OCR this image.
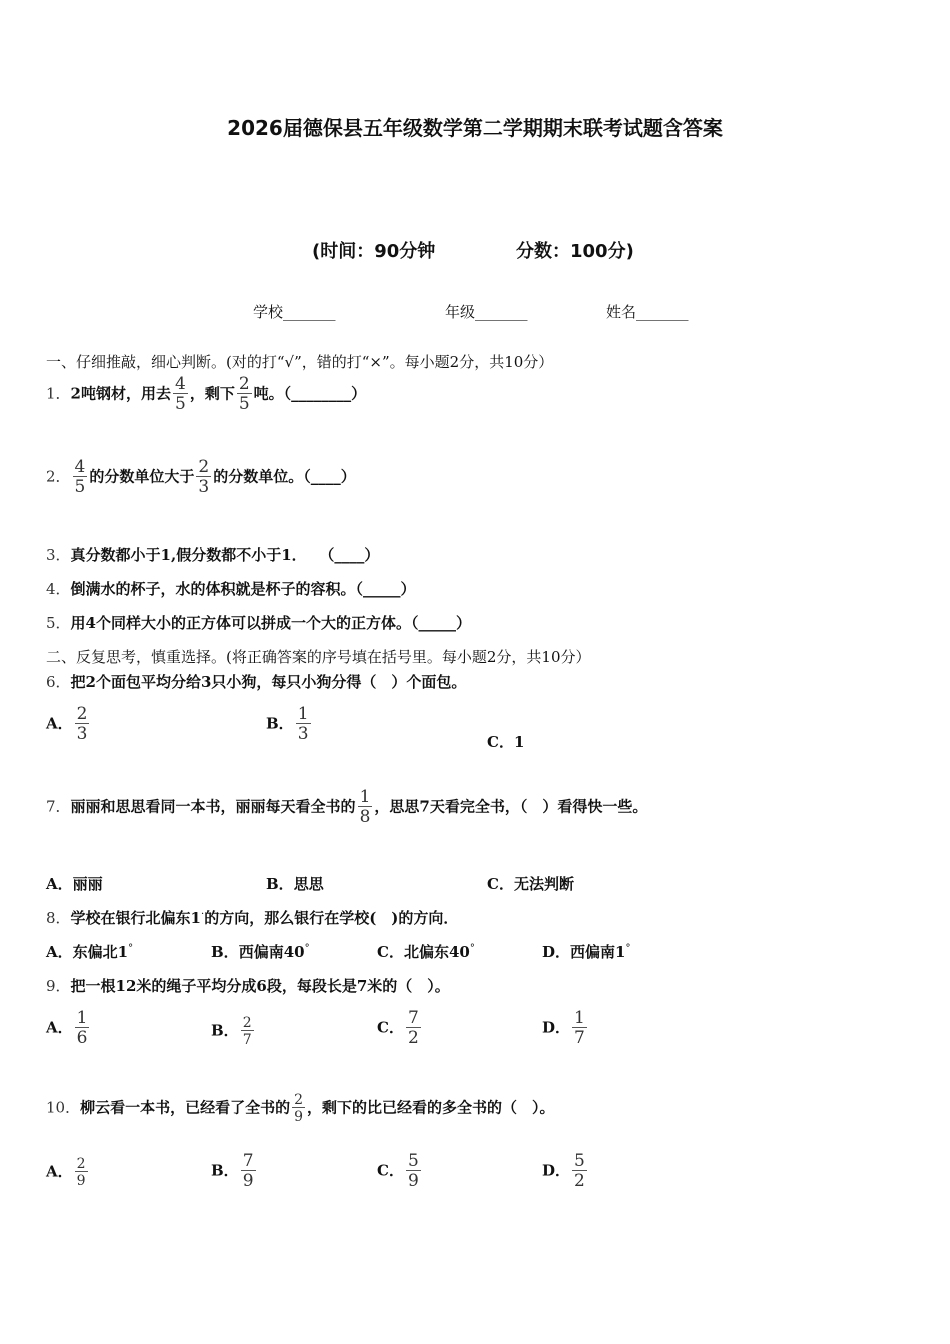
2026届德保县五年级数学第二学期期末联考试题含答案
(时间：90分钟	分数：100分)
学校_______	年级_______	姓名_______
一、仔细推敲，细心判断。(对的打“√”，错的打“×”。每小题2分，共10分）
1．2吨钢材，用去 $\frac{4}{5}$ ，剩下 $\frac{2}{5}$ 吨。（________）
2． $\frac{4}{5}$ 的分数单位大于 $\frac{2}{3}$ 的分数单位。（____）
3．真分数都小于1,假分数都不小于1．　 （____）
4．倒满水的杯子，水的体积就是杯子的容积。（_____）
5．用4个同样大小的正方体可以拼成一个大的正方体。（_____）
二、反复思考，慎重选择。(将正确答案的序号填在括号里。每小题2分，共10分）
6．把2个面包平均分给3只小狗，每只小狗分得（　）个面包。
A． $\frac{2}{3}$	B． $\frac{1}{3}$	C．1
7．丽丽和思思看同一本书，丽丽每天看全书的 $\frac{1}{8}$ ，思思7天看完全书，（　）看得快一些。
A．丽丽	B．思思	C．无法判断
8．学校在银行北偏东1·的方向，那么银行在学校(　)的方向．
A．东偏北1°	B．西偏南40°	C．北偏东40°	D．西偏南1°
9．把一根12米的绳子平均分成6段，每段长是7米的（　）。
A． $\frac{1}{6}$	B． $\frac{2}{7}$	C． $\frac{7}{2}$	D． $\frac{1}{7}$
10．柳云看一本书，已经看了全书的 $\frac{2}{9}$ ，剩下的比已经看的多全书的（　）。
A． $\frac{2}{9}$	B． $\frac{7}{9}$	C． $\frac{5}{9}$	D． $\frac{5}{2}$
